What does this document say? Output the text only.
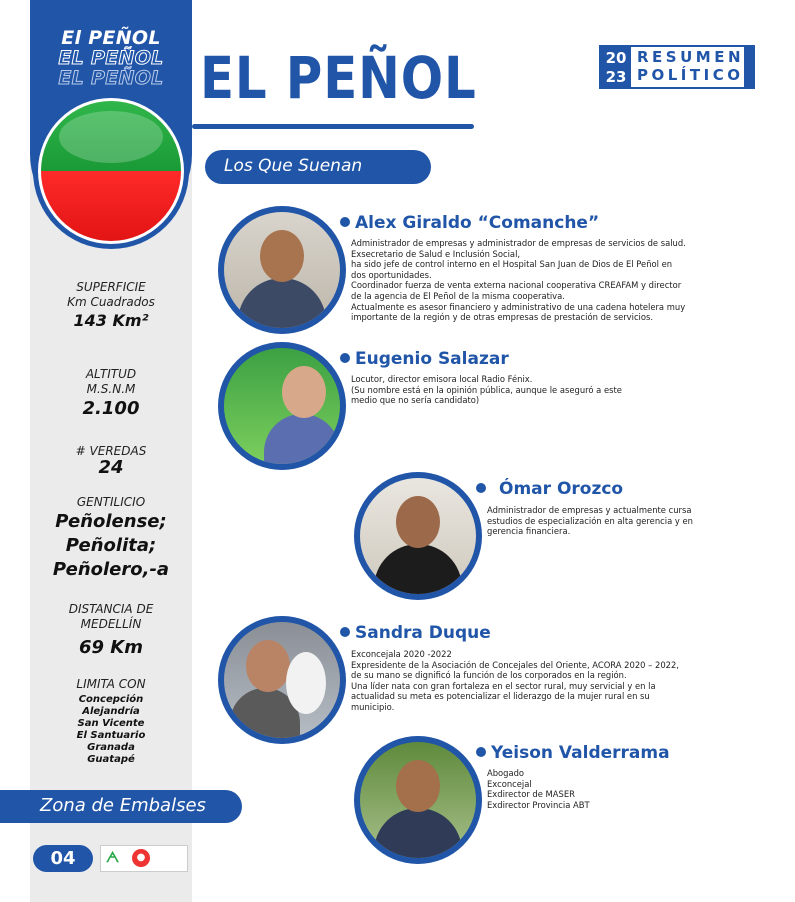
El PEÑOL
EL PEÑOL
EL PEÑOL
SUPERFICIE
Km Cuadrados
143 Km²
ALTITUD
M.S.N.M
2.100
# VEREDAS
24
GENTILICIO
Peñolense;
Peñolita;
Peñolero,-a
DISTANCIA DE
MEDELLÍN
69 Km
LIMITA CON
Concepción
Alejandría
San Vicente
El Santuario
Granada
Guatapé
Zona de Embalses
04	ᗅ	●
EL PEÑOL
Los Que Suenan
20
23
RESUMEN
POLÍTICO
Alex Giraldo “Comanche”
Administrador de empresas y administrador de empresas de servicios de salud.
Exsecretario de Salud e Inclusión Social,
ha sido jefe de control interno en el Hospital San Juan de Dios de El Peñol en
dos oportunidades.
Coordinador fuerza de venta externa nacional cooperativa CREAFAM y director
de la agencia de El Peñol de la misma cooperativa.
Actualmente es asesor financiero y administrativo de una cadena hotelera muy
importante de la región y de otras empresas de prestación de servicios.
Eugenio Salazar
Locutor, director emisora local Radio Fénix.
(Su nombre está en la opinión pública, aunque le aseguró a este
medio que no sería candidato)
Ómar Orozco
Administrador de empresas y actualmente cursa
estudios de especialización en alta gerencia y en
gerencia financiera.
Sandra Duque
Exconcejala 2020 -2022
Expresidente de la Asociación de Concejales del Oriente, ACORA 2020 – 2022,
de su mano se dignificó la función de los corporados en la región.
Una líder nata con gran fortaleza en el sector rural, muy servicial y en la
actualidad su meta es potencializar el liderazgo de la mujer rural en su
municipio.
Yeison Valderrama
Abogado
Exconcejal
Exdirector de MASER
Exdirector Provincia ABT
